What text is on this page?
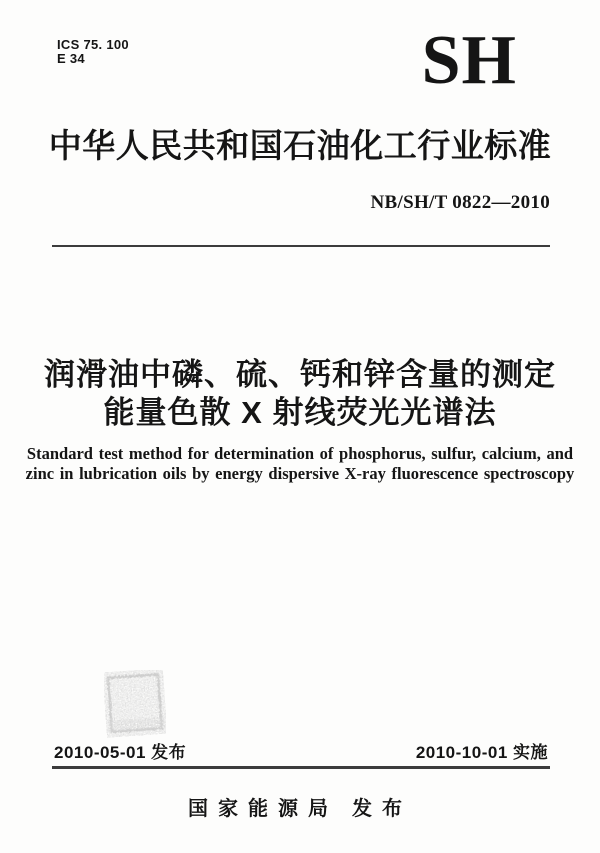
ICS 75. 100
E 34	SH
中华人民共和国石油化工行业标准
NB/SH/T 0822—2010
润滑油中磷、硫、钙和锌含量的测定
能量色散 X 射线荧光光谱法
Standard test method for determination of phosphorus, sulfur, calcium, and
zinc in lubrication oils by energy dispersive X-ray fluorescence spectroscopy
2010-05-01 发布	2010-10-01 实施
国家能源局 发布
